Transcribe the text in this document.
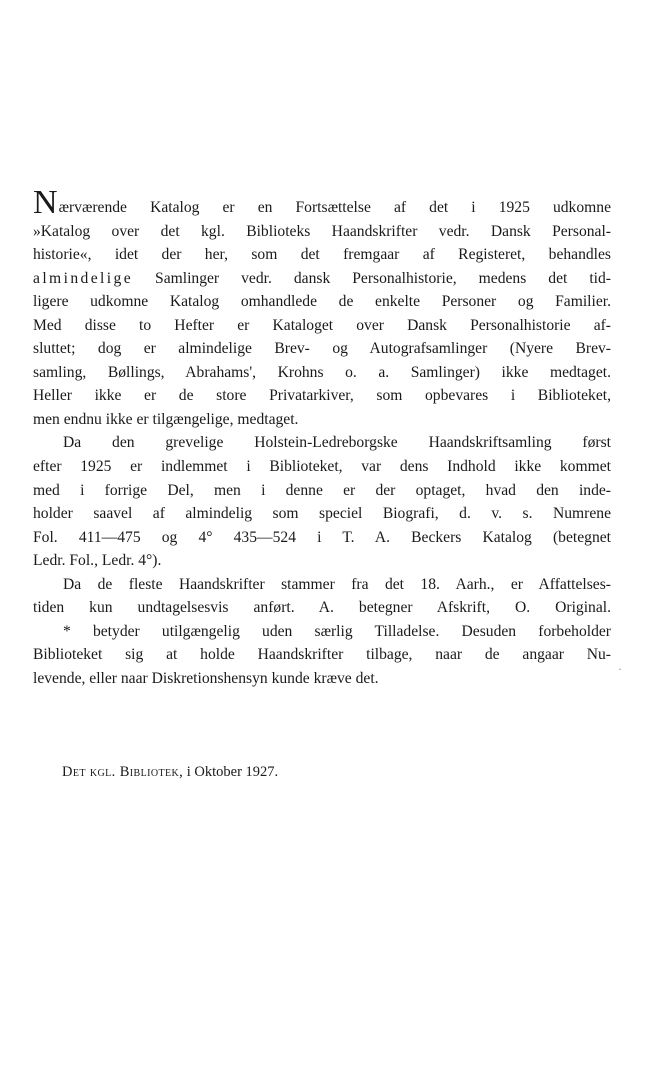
Nærværende Katalog er en Fortsættelse af det i 1925 udkomne
»Katalog over det kgl. Biblioteks Haandskrifter vedr. Dansk Personal-
historie«, idet der her, som det fremgaar af Registeret, behandles
almindelige Samlinger vedr. dansk Personalhistorie, medens det tid-
ligere udkomne Katalog omhandlede de enkelte Personer og Familier.
Med disse to Hefter er Kataloget over Dansk Personalhistorie af-
sluttet; dog er almindelige Brev- og Autografsamlinger (Nyere Brev-
samling, Bøllings, Abrahams', Krohns o. a. Samlinger) ikke medtaget.
Heller ikke er de store Privatarkiver, som opbevares i Biblioteket,
men endnu ikke er tilgængelige, medtaget.
Da den grevelige Holstein-Ledreborgske Haandskriftsamling først
efter 1925 er indlemmet i Biblioteket, var dens Indhold ikke kommet
med i forrige Del, men i denne er der optaget, hvad den inde-
holder saavel af almindelig som speciel Biografi, d. v. s. Numrene
Fol. 411—475 og 4° 435—524 i T. A. Beckers Katalog (betegnet
Ledr. Fol., Ledr. 4°).
Da de fleste Haandskrifter stammer fra det 18. Aarh., er Affattelses-
tiden kun undtagelsesvis anført. A. betegner Afskrift, O. Original.
* betyder utilgængelig uden særlig Tilladelse. Desuden forbeholder
Biblioteket sig at holde Haandskrifter tilbage, naar de angaar Nu-
levende, eller naar Diskretionshensyn kunde kræve det.
·
Det kgl. Bibliotek, i Oktober 1927.
